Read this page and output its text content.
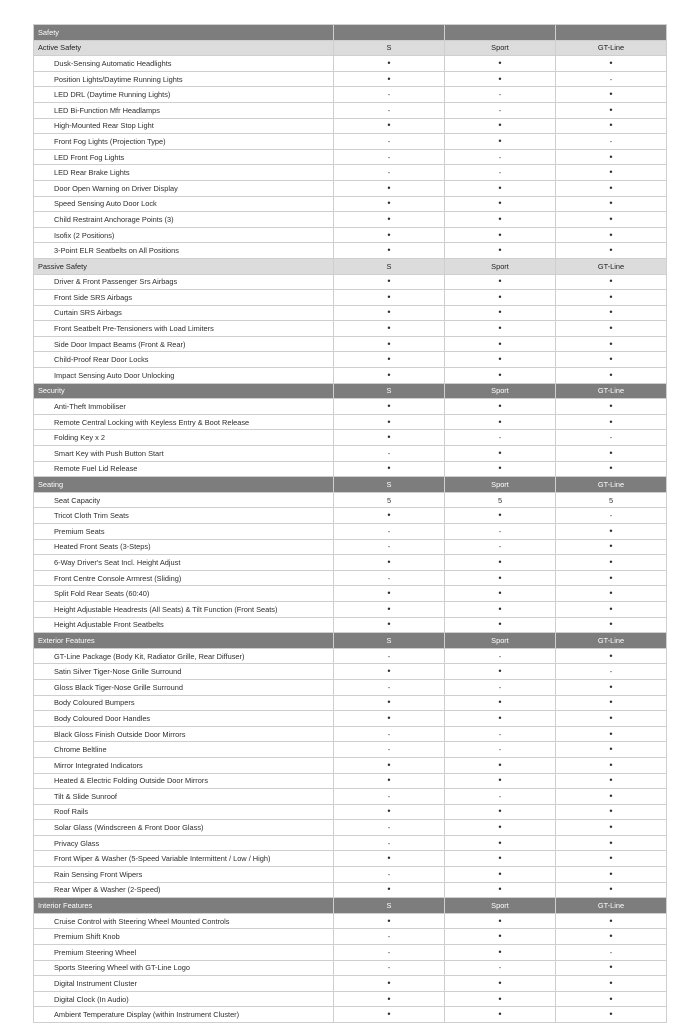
Safety			
Active Safety	S	Sport	GT-Line
Dusk-Sensing Automatic Headlights	•	•	•
Position Lights/Daytime Running Lights	•	•	-
LED DRL (Daytime Running Lights)	-	-	•
LED Bi-Function Mfr Headlamps	-	-	•
High-Mounted Rear Stop Light	•	•	•
Front Fog Lights (Projection Type)	-	•	-
LED Front Fog Lights	-	-	•
LED Rear Brake Lights	-	-	•
Door Open Warning on Driver Display	•	•	•
Speed Sensing Auto Door Lock	•	•	•
Child Restraint Anchorage Points (3)	•	•	•
Isofix (2 Positions)	•	•	•
3-Point ELR Seatbelts on All Positions	•	•	•
Passive Safety	S	Sport	GT-Line
Driver & Front Passenger Srs Airbags	•	•	•
Front Side SRS Airbags	•	•	•
Curtain SRS Airbags	•	•	•
Front Seatbelt Pre-Tensioners with Load Limiters	•	•	•
Side Door Impact Beams (Front & Rear)	•	•	•
Child-Proof Rear Door Locks	•	•	•
Impact Sensing Auto Door Unlocking	•	•	•
Security	S	Sport	GT-Line
Anti-Theft Immobiliser	•	•	•
Remote Central Locking with Keyless Entry & Boot Release	•	•	•
Folding Key x 2	•	-	-
Smart Key with Push Button Start	-	•	•
Remote Fuel Lid Release	•	•	•
Seating	S	Sport	GT-Line
Seat Capacity	5	5	5
Tricot Cloth Trim Seats	•	•	-
Premium Seats	-	-	•
Heated Front Seats (3-Steps)	-	-	•
6-Way Driver's Seat Incl. Height Adjust	•	•	•
Front Centre Console Armrest (Sliding)	-	•	•
Split Fold Rear Seats (60:40)	•	•	•
Height Adjustable Headrests (All Seats) & Tilt Function (Front Seats)	•	•	•
Height Adjustable Front Seatbelts	•	•	•
Exterior Features	S	Sport	GT-Line
GT-Line Package (Body Kit, Radiator Grille, Rear Diffuser)	-	-	•
Satin Silver Tiger-Nose Grille Surround	•	•	-
Gloss Black Tiger-Nose Grille Surround	-	-	•
Body Coloured Bumpers	•	•	•
Body Coloured Door Handles	•	•	•
Black Gloss Finish Outside Door Mirrors	-	-	•
Chrome Beltline	-	-	•
Mirror Integrated Indicators	•	•	•
Heated & Electric Folding Outside Door Mirrors	•	•	•
Tilt & Slide Sunroof	-	-	•
Roof Rails	•	•	•
Solar Glass (Windscreen & Front Door Glass)	-	•	•
Privacy Glass	-	•	•
Front Wiper & Washer (5-Speed Variable Intermittent / Low / High)	•	•	•
Rain Sensing Front Wipers	-	•	•
Rear Wiper & Washer (2-Speed)	•	•	•
Interior Features	S	Sport	GT-Line
Cruise Control with Steering Wheel Mounted Controls	•	•	•
Premium Shift Knob	-	•	•
Premium Steering Wheel	-	•	-
Sports Steering Wheel with GT-Line Logo	-	-	•
Digital Instrument Cluster	•	•	•
Digital Clock (In Audio)	•	•	•
Ambient Temperature Display (within Instrument Cluster)	•	•	•
